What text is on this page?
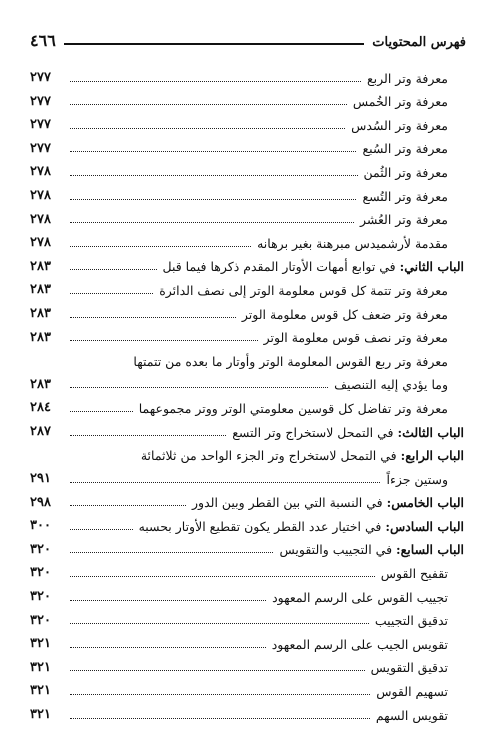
فهرس المحتويات
٤٦٦
معرفة وتر الربع
٢٧٧
معرفة وتر الخُمس
٢٧٧
معرفة وتر السُدس
٢٧٧
معرفة وتر السُبع
٢٧٧
معرفة وتر الثُمن
٢٧٨
معرفة وتر التُسع
٢٧٨
معرفة وتر العُشر
٢٧٨
مقدمة لأرشميدس مبرهنة بغير برهانه
٢٧٨
الباب الثاني: في توابع أمهات الأوتار المقدم ذكرها فيما قبل
٢٨٣
معرفة وتر تتمة كل قوس معلومة الوتر إلى نصف الدائرة
٢٨٣
معرفة وتر ضعف كل قوس معلومة الوتر
٢٨٣
معرفة وتر نصف قوس معلومة الوتر
٢٨٣
معرفة وتر ربع القوس المعلومة الوتر وأوتار ما بعده من تتمتها
وما يؤدي إليه التنصيف
٢٨٣
معرفة وتر تفاضل كل قوسين معلومتي الوتر ووتر مجموعهما
٢٨٤
الباب الثالث: في التمحل لاستخراج وتر التسع
٢٨٧
الباب الرابع: في التمحل لاستخراج وتر الجزء الواحد من ثلاثمائة
وستين جزءاً
٢٩١
الباب الخامس: في النسبة التي بين القطر وبين الدور
٢٩٨
الباب السادس: في اختيار عدد القطر يكون تقطيع الأوتار بحسبه
٣٠٠
الباب السابع: في التجييب والتقويس
٣٢٠
تقفيح القوس
٣٢٠
تجييب القوس على الرسم المعهود
٣٢٠
تدقيق التجييب
٣٢٠
تقويس الجيب على الرسم المعهود
٣٢١
تدقيق التقويس
٣٢١
تسهيم القوس
٣٢١
تقويس السهم
٣٢١
